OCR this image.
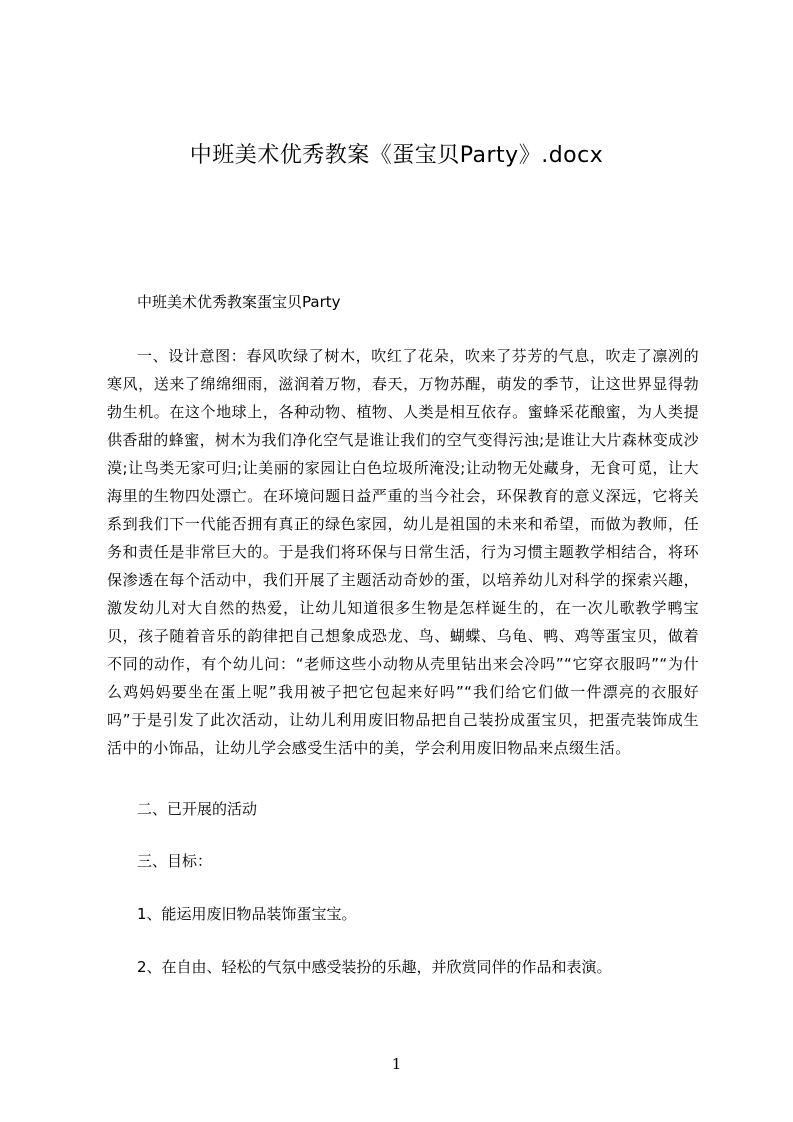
中班美术优秀教案《蛋宝贝Party》.docx

中班美术优秀教案蛋宝贝Party

一、设计意图：春风吹绿了树木，吹红了花朵，吹来了芬芳的气息，吹走了凛冽的寒风，送来了绵绵细雨，滋润着万物，春天，万物苏醒，萌发的季节，让这世界显得勃勃生机。在这个地球上，各种动物、植物、人类是相互依存。蜜蜂采花酿蜜，为人类提供香甜的蜂蜜，树木为我们净化空气是谁让我们的空气变得污浊;是谁让大片森林变成沙漠;让鸟类无家可归;让美丽的家园让白色垃圾所淹没;让动物无处藏身，无食可觅，让大海里的生物四处漂亡。在环境问题日益严重的当今社会，环保教育的意义深远，它将关系到我们下一代能否拥有真正的绿色家园，幼儿是祖国的未来和希望，而做为教师，任务和责任是非常巨大的。于是我们将环保与日常生活，行为习惯主题教学相结合，将环保渗透在每个活动中，我们开展了主题活动奇妙的蛋，以培养幼儿对科学的探索兴趣，激发幼儿对大自然的热爱，让幼儿知道很多生物是怎样诞生的，在一次儿歌教学鸭宝贝，孩子随着音乐的韵律把自己想象成恐龙、鸟、蝴蝶、乌龟、鸭、鸡等蛋宝贝，做着不同的动作，有个幼儿问：“老师这些小动物从壳里钻出来会冷吗”“它穿衣服吗”“为什么鸡妈妈要坐在蛋上呢”我用被子把它包起来好吗”“我们给它们做一件漂亮的衣服好吗”于是引发了此次活动，让幼儿利用废旧物品把自己装扮成蛋宝贝，把蛋壳装饰成生活中的小饰品，让幼儿学会感受生活中的美，学会利用废旧物品来点缀生活。

二、已开展的活动

三、目标：

1、能运用废旧物品装饰蛋宝宝。

2、在自由、轻松的气氛中感受装扮的乐趣，并欣赏同伴的作品和表演。

1
